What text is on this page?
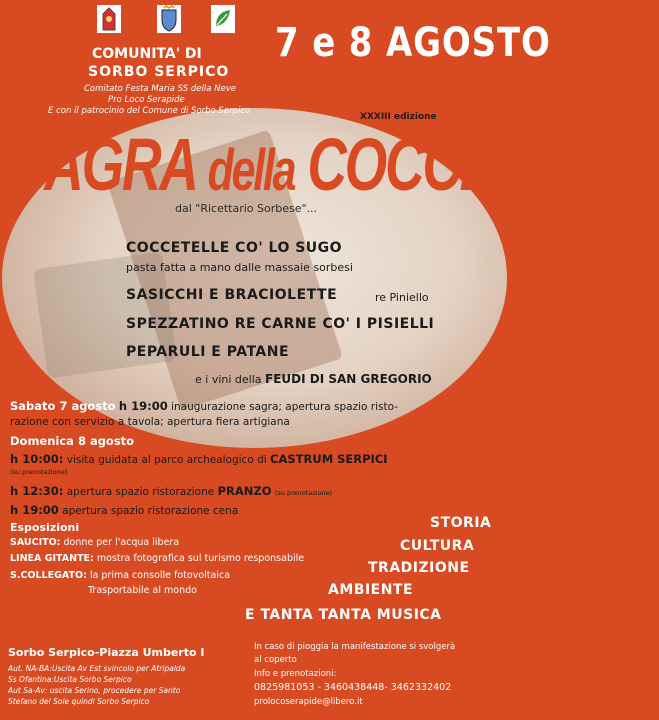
7 e 8 AGOSTO
COMUNITA' DI
SORBO SERPICO
Comitato Festa Maria SS della Neve
Pro Loco Serapide
E con il patrocinio del Comune di Sorbo Serpico
XXXIII edizione
SAGRA della COCCETELLA
dal "Ricettario Sorbese"...
COCCETELLE CO' LO SUGO
pasta fatta a mano dalle massaie sorbesi
SASICCHI E BRACIOLETTE	re Piniello
SPEZZATINO RE CARNE CO' I PISIELLI
PEPARULI E PATANE
e i vini della FEUDI DI SAN GREGORIO
Sabato 7 agosto h 19:00 inaugurazione sagra; apertura spazio risto-
razione con servizio a tavola; apertura fiera artigiana
Domenica 8 agosto
h 10:00: visita guidata al parco archealogico di CASTRUM SERPICI
(su prenotazione)
h 12:30: apertura spazio ristorazione PRANZO (su prenotazione)
h 19:00 apertura spazio ristorazione cena
Esposizioni
SAUCITO: donne per l'acqua libera
LINEA GITANTE: mostra fotografica sul turismo responsabile
S.COLLEGATO: la prima consolle fotovoltaica
Trasportabile al mondo
STORIA
CULTURA
TRADIZIONE
AMBIENTE
E TANTA TANTA MUSICA
Sorbo Serpico-Piazza Umberto I
Aut. NA-BA:Uscita Av Est svincolo per Atripalda
Ss Ofantina:Uscita Sorbo Serpico
Aut Sa-Av: uscita Serino, procedere per Santo
Stefano del Sole quindi Sorbo Serpico
In caso di pioggia la manifestazione si svolgerà
al coperto
Info e prenotazioni:
0825981053 - 3460438448- 3462332402
prolocoserapide@libero.it
